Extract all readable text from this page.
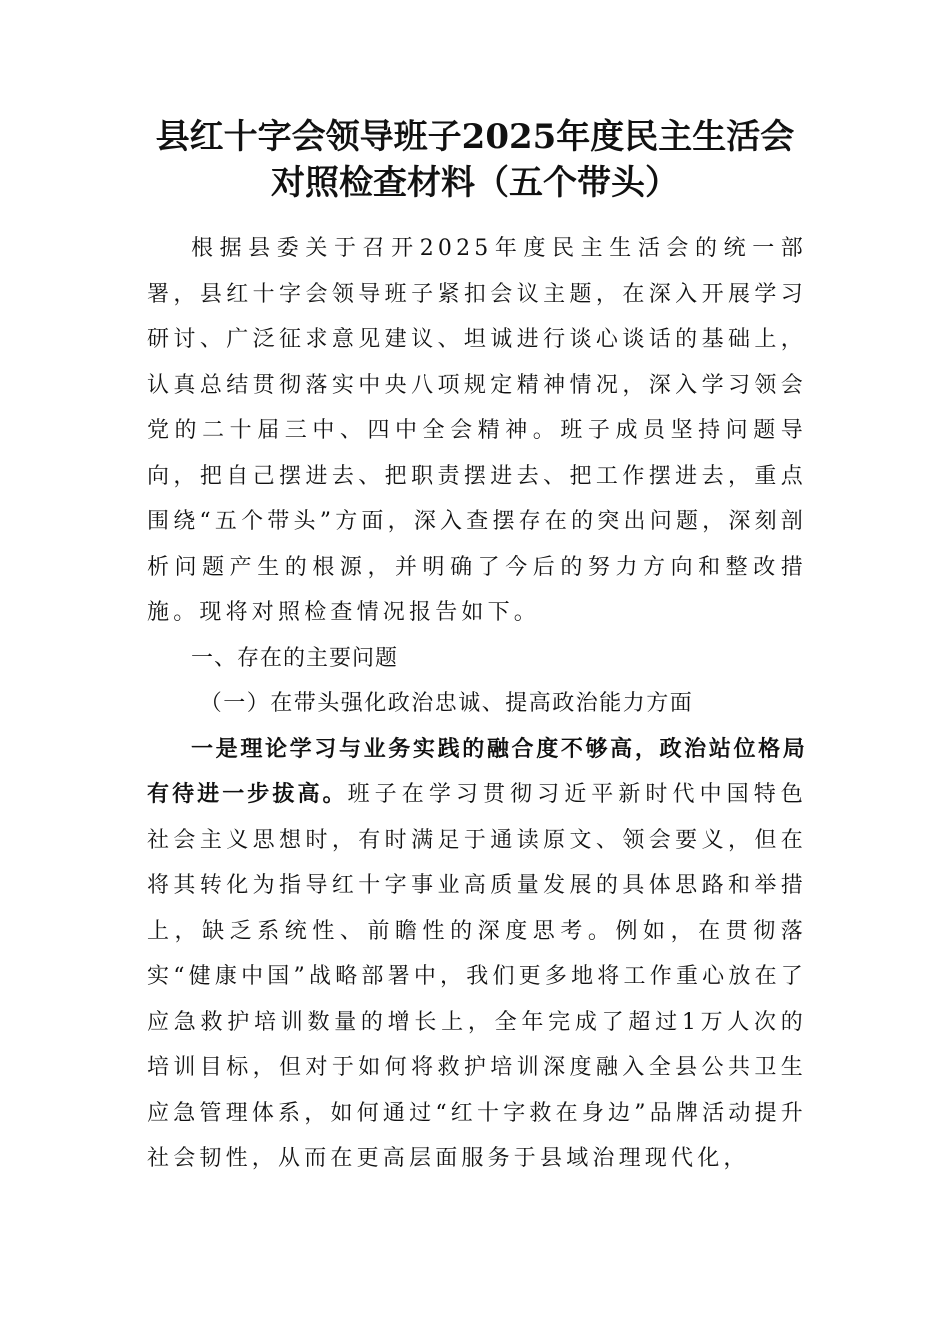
县红十字会领导班子2025年度民主生活会
对照检查材料（五个带头）

根据县委关于召开2025年度民主生活会的统一部署，县红十字会领导班子紧扣会议主题，在深入开展学习研讨、广泛征求意见建议、坦诚进行谈心谈话的基础上，认真总结贯彻落实中央八项规定精神情况，深入学习领会党的二十届三中、四中全会精神。班子成员坚持问题导向，把自己摆进去、把职责摆进去、把工作摆进去，重点围绕“五个带头”方面，深入查摆存在的突出问题，深刻剖析问题产生的根源，并明确了今后的努力方向和整改措施。现将对照检查情况报告如下。

一、存在的主要问题

（一）在带头强化政治忠诚、提高政治能力方面

一是理论学习与业务实践的融合度不够高，政治站位格局有待进一步拔高。班子在学习贯彻习近平新时代中国特色社会主义思想时，有时满足于通读原文、领会要义，但在将其转化为指导红十字事业高质量发展的具体思路和举措上，缺乏系统性、前瞻性的深度思考。例如，在贯彻落实“健康中国”战略部署中，我们更多地将工作重心放在了应急救护培训数量的增长上，全年完成了超过1万人次的培训目标，但对于如何将救护培训深度融入全县公共卫生应急管理体系，如何通过“红十字救在身边”品牌活动提升社会韧性，从而在更高层面服务于县域治理现代化，
